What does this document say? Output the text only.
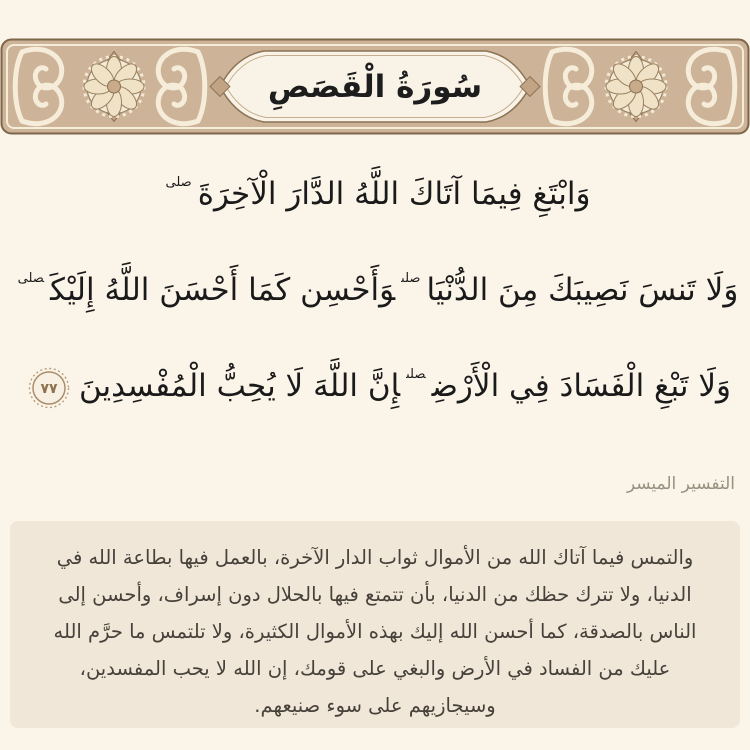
سُورَةُ الْقَصَصِ
وَابْتَغِ فِيمَا آتَاكَ اللَّهُ الدَّارَ الْآخِرَةَ$^{صلى}$
وَلَا تَنسَ نَصِيبَكَ مِنَ الدُّنْيَا$^{صلى}$وَأَحْسِن كَمَا أَحْسَنَ اللَّهُ إِلَيْكَ$^{صلى}$
وَلَا تَبْغِ الْفَسَادَ فِي الْأَرْضِ$^{صلى}$إِنَّ اللَّهَ لَا يُحِبُّ الْمُفْسِدِينَ
٧٧
التفسير الميسر
والتمس فيما آتاك الله من الأموال ثواب الدار الآخرة، بالعمل فيها بطاعة الله في الدنيا، ولا تترك حظك من الدنيا، بأن تتمتع فيها بالحلال دون إسراف، وأحسن إلى الناس بالصدقة، كما أحسن الله إليك بهذه الأموال الكثيرة، ولا تلتمس ما حرَّم الله عليك من الفساد في الأرض والبغي على قومك، إن الله لا يحب المفسدين، وسيجازيهم على سوء صنيعهم.
